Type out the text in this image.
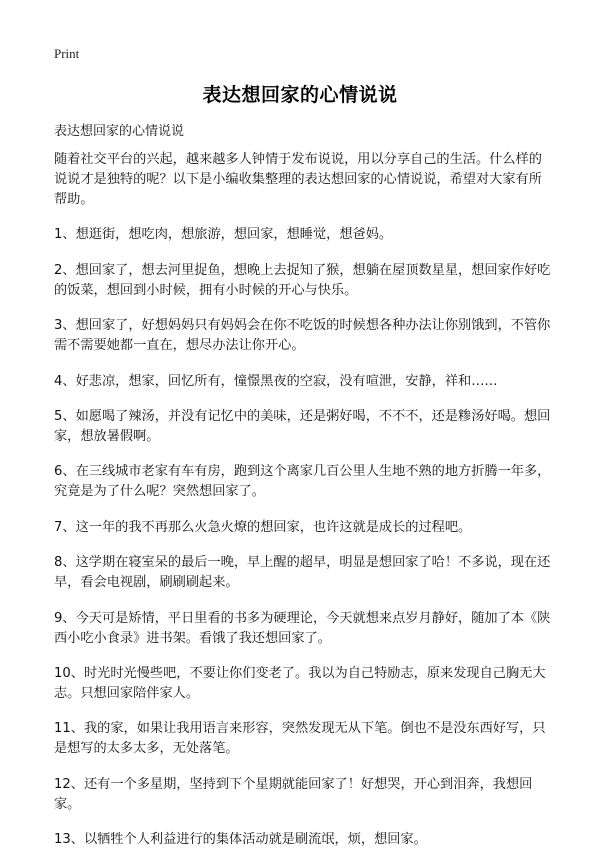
Print
表达想回家的心情说说
表达想回家的心情说说

随着社交平台的兴起，越来越多人钟情于发布说说，用以分享自己的生活。什么样的说说才是独特的呢？以下是小编收集整理的表达想回家的心情说说，希望对大家有所帮助。

1、想逛街，想吃肉，想旅游，想回家，想睡觉，想爸妈。

2、想回家了，想去河里捉鱼，想晚上去捉知了猴，想躺在屋顶数星星，想回家作好吃的饭菜，想回到小时候，拥有小时候的开心与快乐。

3、想回家了，好想妈妈只有妈妈会在你不吃饭的时候想各种办法让你别饿到，不管你需不需要她都一直在，想尽办法让你开心。

4、好悲凉，想家，回忆所有，憧憬黑夜的空寂，没有喧泄，安静，祥和……

5、如愿喝了辣汤，并没有记忆中的美味，还是粥好喝，不不不，还是糁汤好喝。想回家，想放暑假啊。

6、在三线城市老家有车有房，跑到这个离家几百公里人生地不熟的地方折腾一年多，究竟是为了什么呢？突然想回家了。

7、这一年的我不再那么火急火燎的想回家，也许这就是成长的过程吧。

8、这学期在寝室呆的最后一晚，早上醒的超早，明显是想回家了哈！不多说，现在还早，看会电视剧，刷刷刷起来。

9、今天可是矫情，平日里看的书多为硬理论，今天就想来点岁月静好，随加了本《陕西小吃小食录》进书架。看饿了我还想回家了。

10、时光时光慢些吧，不要让你们变老了。我以为自己特励志，原来发现自己胸无大志。只想回家陪伴家人。

11、我的家，如果让我用语言来形容，突然发现无从下笔。倒也不是没东西好写，只是想写的太多太多，无处落笔。

12、还有一个多星期，坚持到下个星期就能回家了！好想哭，开心到泪奔，我想回家。

13、以牺牲个人利益进行的集体活动就是刷流氓，烦，想回家。
